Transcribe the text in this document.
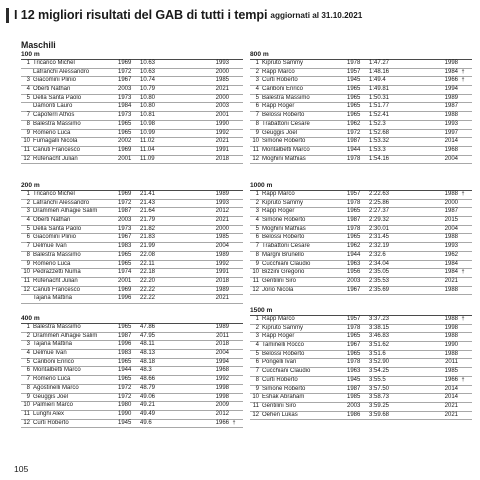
I 12 migliori risultati del GAB di tutti i tempi aggiornati al 31.10.2021
Maschili
100 m
1 Tricarico Michel	1969	10.63	1993
Lafranchi Alessandro	1972	10.63	2000
3 Giacomini Plinio	1967	10.74	1985
4 Oberti Nathan	2003	10.79	2021
5 Della Santa Paolo	1973	10.80	2000
Damonti Lauro	1984	10.80	2003
7 Capoferri Athos	1973	10.81	2001
8 Balestra Massimo	1965	10.98	1990
9 Romerio Luca	1965	10.99	1992
10 Fumagalli Nicola	2002	11.02	2021
11 Canuti Francesco	1969	11.04	1991
12 Rüfenacht Julian	2001	11.09	2018
200 m
1 Tricarico Michel	1969	21.41	1989
2 Lafranchi Alessandro	1972	21.43	1993
3 Drammeh Alhagie Salim	1987	21.64	2012
4 Oberti Nathan	2003	21.79	2021
5 Della Santa Paolo	1973	21.82	2000
6 Giacomini Plinio	1967	21.83	1985
7 Delmué Ivan	1983	21.99	2004
8 Balestra Massimo	1965	22.08	1989
9 Romerio Luca	1965	22.11	1992
10 Pedrazzetti Numa	1974	22.18	1991
11 Rüfenacht Julian	2001	22.20	2018
12 Canuti Francesco	1969	22.22	1989
Tajana Mattina	1996	22.22	2021
400 m
1 Balestra Massimo	1965	47.86	1989
2 Drammeh Alhagie Salim	1987	47.95	2011
3 Tajana Mattina	1996	48.11	2018
4 Delmué Ivan	1983	48.13	2004
5 Cariboni Enrico	1965	48.18	1994
6 Montalbetti Marco	1944	48.3	1968
7 Romerio Luca	1965	48.66	1992
8 Agostinelli Marco	1972	48.79	1998
9 Geuggis Joel	1972	49.06	1998
10 Palmieri Marco	1980	49.21	2009
11 Lunghi Alex	1990	49.49	2012
12 Curti Roberto	1945	49.6	1966 †
800 m
1 Kipruto Sammy	1978	1:47.27	1998
2 Rapp Marco	1957	1:48.16	1984 †
3 Curti Roberto	1945	1:49.4	1966 †
4 Cariboni Enrico	1965	1:49.81	1994
5 Balestra Massimo	1965	1:50.31	1989
6 Rapp Roger	1965	1:51.77	1987
7 Belossi Roberto	1965	1:52.41	1988
8 Trabattoni Cesare	1962	1:52.3	1993
9 Geuggis Joel	1972	1:52.68	1997
10 Simone Roberto	1987	1:53.32	2014
11 Montalbetti Marco	1944	1:53.3	1968
12 Moghini Mathias	1978	1:54.16	2004
1000 m
1 Rapp Marco	1957	2:22.63	1988 †
2 Kipruto Sammy	1978	2:25.86	2000
3 Rapp Roger	1965	2:27.37	1987
4 Simone Roberto	1987	2:29.32	2015
5 Moghini Mathias	1978	2:30.01	2004
6 Belossi Roberto	1965	2:31.45	1988
7 Trabattoni Cesare	1962	2:32.19	1993
8 Margni Brunello	1944	2:32.6	1962
9 Cucchiani Claudio	1963	2:34.04	1984
10 Bizzini Gregorio	1956	2:35.05	1984 †
11 Gentilini Siro	2003	2:35.53	2021
12 Jorio Nicola	1967	2:35.69	1988
1500 m
1 Rapp Marco	1957	3:37.23	1988 †
2 Kipruto Sammy	1978	3:38.15	1998
3 Rapp Roger	1965	3:46.83	1988
4 Taminelli Rocco	1967	3:51.62	1990
5 Belossi Roberto	1965	3:51.6	1988
6 Pongelli Ivan	1978	3:52.90	2011
7 Cucchiani Claudio	1963	3:54.25	1985
8 Curti Roberto	1945	3:55.5	1966 †
9 Simone Roberto	1987	3:57.50	2014
10 Eshak Abraham	1985	3:58.73	2014
11 Gentilini Siro	2003	3:59.25	2021
12 Oehen Lukas	1986	3:59.68	2021
105
